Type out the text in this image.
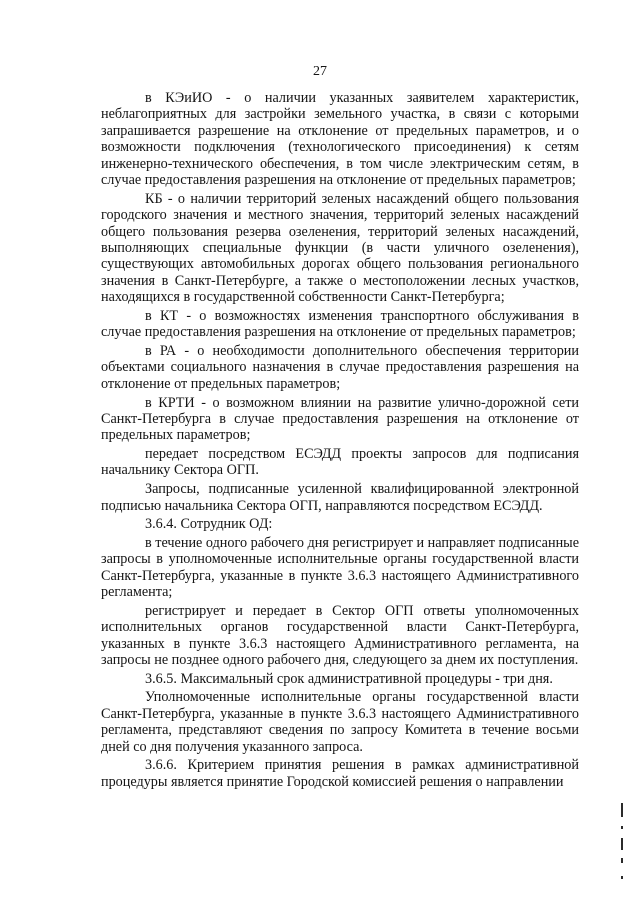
27

в КЭиИО - о наличии указанных заявителем характеристик, неблагоприятных для застройки земельного участка, в связи с которыми запрашивается разрешение на отклонение от предельных параметров, и о возможности подключения (технологического присоединения) к сетям инженерно-технического обеспечения, в том числе электрическим сетям, в случае предоставления разрешения на отклонение от предельных параметров;

КБ - о наличии территорий зеленых насаждений общего пользования городского значения и местного значения, территорий зеленых насаждений общего пользования резерва озеленения, территорий зеленых насаждений, выполняющих специальные функции (в части уличного озеленения), существующих автомобильных дорогах общего пользования регионального значения в Санкт-Петербурге, а также о местоположении лесных участков, находящихся в государственной собственности Санкт-Петербурга;

в КТ - о возможностях изменения транспортного обслуживания в случае предоставления разрешения на отклонение от предельных параметров;

в РА - о необходимости дополнительного обеспечения территории объектами социального назначения в случае предоставления разрешения на отклонение от предельных параметров;

в КРТИ - о возможном влиянии на развитие улично-дорожной сети Санкт-Петербурга в случае предоставления разрешения на отклонение от предельных параметров;

передает посредством ЕСЭДД проекты запросов для подписания начальнику Сектора ОГП.

Запросы, подписанные усиленной квалифицированной электронной подписью начальника Сектора ОГП, направляются посредством ЕСЭДД.

3.6.4. Сотрудник ОД:

в течение одного рабочего дня регистрирует и направляет подписанные запросы в уполномоченные исполнительные органы государственной власти Санкт-Петербурга, указанные в пункте 3.6.3 настоящего Административного регламента;

регистрирует и передает в Сектор ОГП ответы уполномоченных исполнительных органов государственной власти Санкт-Петербурга, указанных в пункте 3.6.3 настоящего Административного регламента, на запросы не позднее одного рабочего дня, следующего за днем их поступления.

3.6.5. Максимальный срок административной процедуры - три дня.

Уполномоченные исполнительные органы государственной власти Санкт-Петербурга, указанные в пункте 3.6.3 настоящего Административного регламента, представляют сведения по запросу Комитета в течение восьми дней со дня получения указанного запроса.

3.6.6. Критерием принятия решения в рамках административной процедуры является принятие Городской комиссией решения о направлении
